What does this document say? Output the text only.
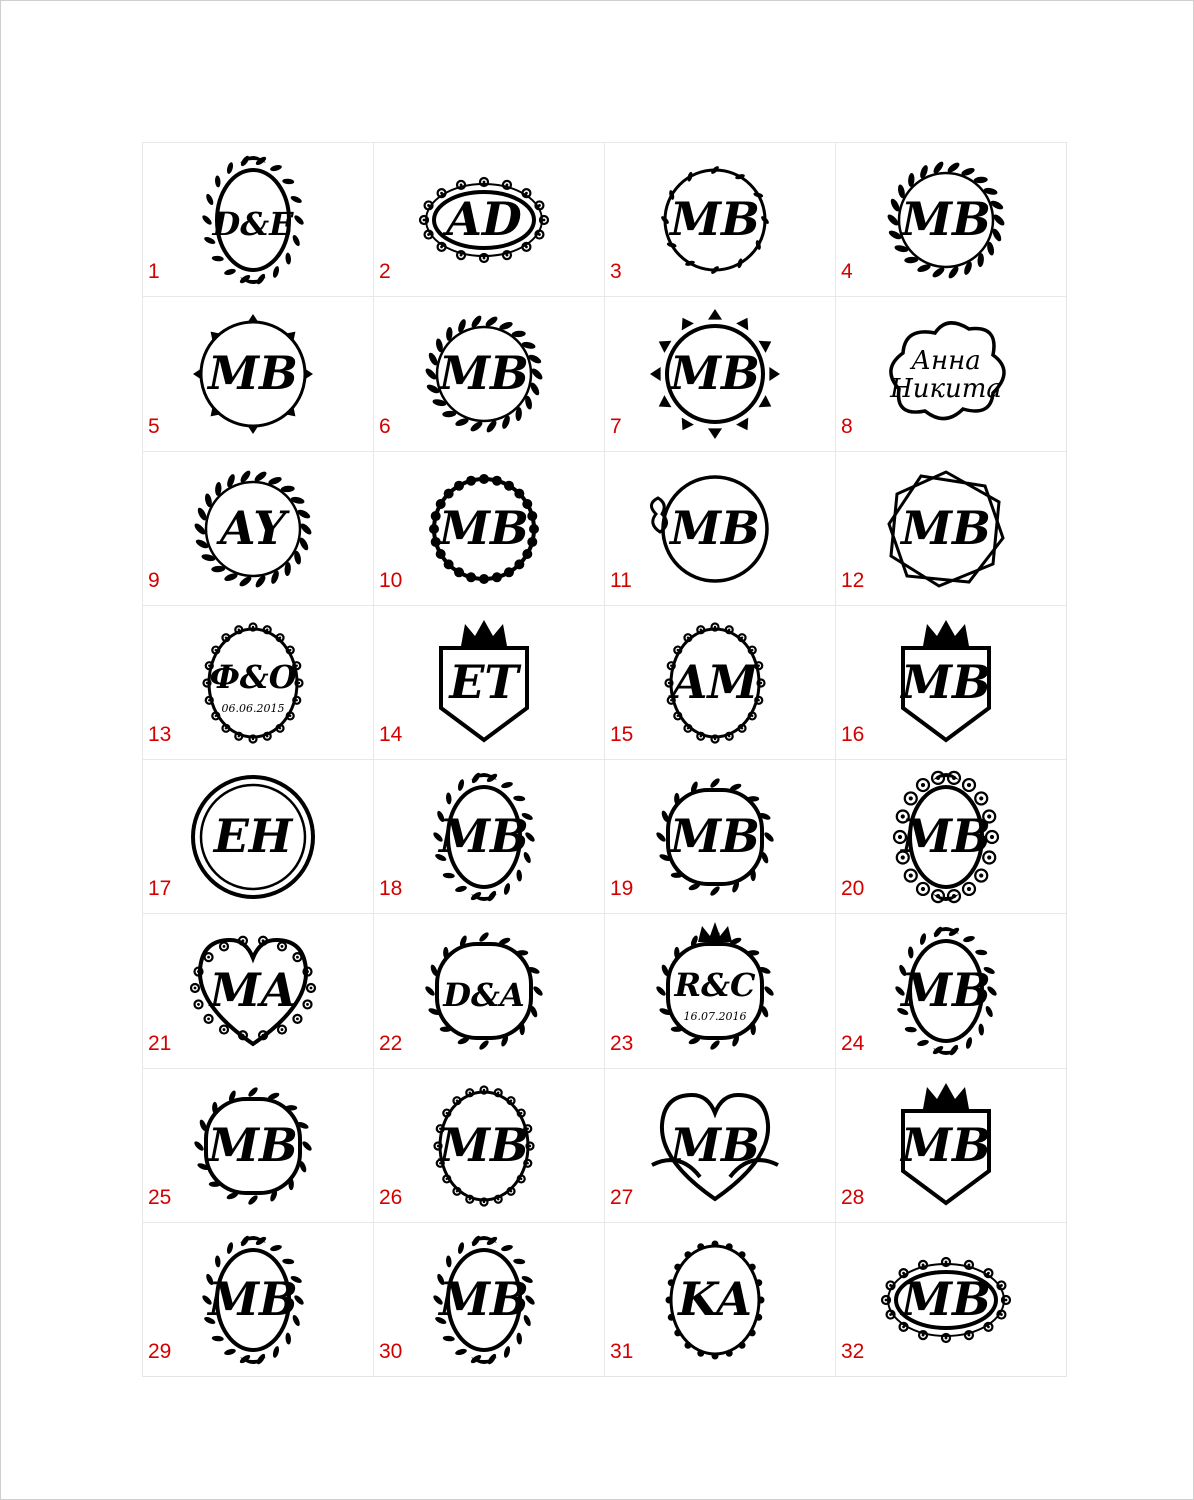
D&E
1
AD
2
MB
3
MB
4
MB
5
MB
6
MB
7
Анна
Никита
8
AY
9
MB
10
MB
11
MB
12
Ф&О
06.06.2015
13
ET
14
AM
15
MB
16
EH
17
MB
18
MB
19
MB
20
MA
21
D&A
22
R&C
16.07.2016
23
MB
24
MB
25
MB
26
MB
27
MB
28
MB
29
MB
30
KA
31
MB
32
